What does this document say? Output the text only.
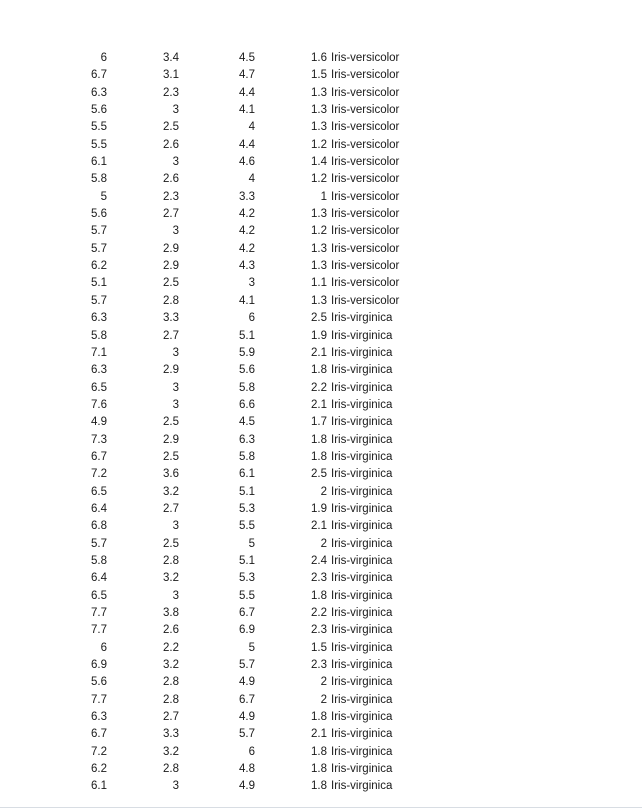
6	3.4	4.5	1.6 Iris-versicolor
6.7	3.1	4.7	1.5 Iris-versicolor
6.3	2.3	4.4	1.3 Iris-versicolor
5.6	3	4.1	1.3 Iris-versicolor
5.5	2.5	4	1.3 Iris-versicolor
5.5	2.6	4.4	1.2 Iris-versicolor
6.1	3	4.6	1.4 Iris-versicolor
5.8	2.6	4	1.2 Iris-versicolor
5	2.3	3.3	1 Iris-versicolor
5.6	2.7	4.2	1.3 Iris-versicolor
5.7	3	4.2	1.2 Iris-versicolor
5.7	2.9	4.2	1.3 Iris-versicolor
6.2	2.9	4.3	1.3 Iris-versicolor
5.1	2.5	3	1.1 Iris-versicolor
5.7	2.8	4.1	1.3 Iris-versicolor
6.3	3.3	6	2.5 Iris-virginica
5.8	2.7	5.1	1.9 Iris-virginica
7.1	3	5.9	2.1 Iris-virginica
6.3	2.9	5.6	1.8 Iris-virginica
6.5	3	5.8	2.2 Iris-virginica
7.6	3	6.6	2.1 Iris-virginica
4.9	2.5	4.5	1.7 Iris-virginica
7.3	2.9	6.3	1.8 Iris-virginica
6.7	2.5	5.8	1.8 Iris-virginica
7.2	3.6	6.1	2.5 Iris-virginica
6.5	3.2	5.1	2 Iris-virginica
6.4	2.7	5.3	1.9 Iris-virginica
6.8	3	5.5	2.1 Iris-virginica
5.7	2.5	5	2 Iris-virginica
5.8	2.8	5.1	2.4 Iris-virginica
6.4	3.2	5.3	2.3 Iris-virginica
6.5	3	5.5	1.8 Iris-virginica
7.7	3.8	6.7	2.2 Iris-virginica
7.7	2.6	6.9	2.3 Iris-virginica
6	2.2	5	1.5 Iris-virginica
6.9	3.2	5.7	2.3 Iris-virginica
5.6	2.8	4.9	2 Iris-virginica
7.7	2.8	6.7	2 Iris-virginica
6.3	2.7	4.9	1.8 Iris-virginica
6.7	3.3	5.7	2.1 Iris-virginica
7.2	3.2	6	1.8 Iris-virginica
6.2	2.8	4.8	1.8 Iris-virginica
6.1	3	4.9	1.8 Iris-virginica
